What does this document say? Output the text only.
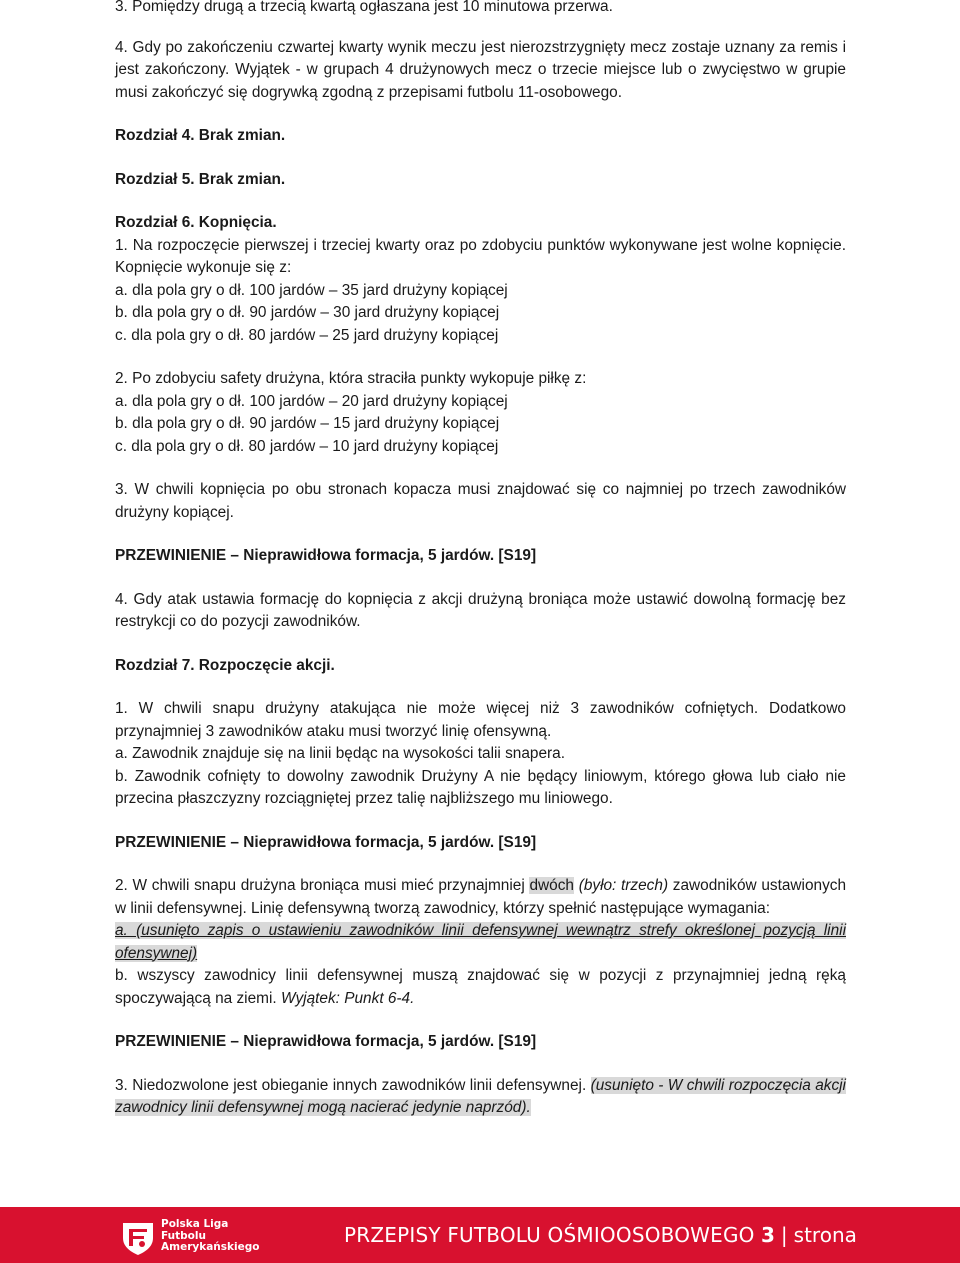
3. Pomiędzy drugą a trzecią kwartą ogłaszana jest 10 minutowa przerwa.

4. Gdy po zakończeniu czwartej kwarty wynik meczu jest nierozstrzygnięty mecz zostaje uznany za remis i jest zakończony. Wyjątek - w grupach 4 drużynowych mecz o trzecie miejsce lub o zwycięstwo w grupie musi zakończyć się dogrywką zgodną z przepisami futbolu 11-osobowego.

Rozdział 4. Brak zmian.

Rozdział 5. Brak zmian.

Rozdział 6. Kopnięcia.

1. Na rozpoczęcie pierwszej i trzeciej kwarty oraz po zdobyciu punktów wykonywane jest wolne kopnięcie. Kopnięcie wykonuje się z:

a. dla pola gry o dł. 100 jardów – 35 jard drużyny kopiącej

b. dla pola gry o dł. 90 jardów – 30 jard drużyny kopiącej

c. dla pola gry o dł. 80 jardów – 25 jard drużyny kopiącej

2. Po zdobyciu safety drużyna, która straciła punkty wykopuje piłkę z:

a. dla pola gry o dł. 100 jardów – 20 jard drużyny kopiącej

b. dla pola gry o dł. 90 jardów – 15 jard drużyny kopiącej

c. dla pola gry o dł. 80 jardów – 10 jard drużyny kopiącej

3. W chwili kopnięcia po obu stronach kopacza musi znajdować się co najmniej po trzech zawodników drużyny kopiącej.

PRZEWINIENIE – Nieprawidłowa formacja, 5 jardów. [S19]

4. Gdy atak ustawia formację do kopnięcia z akcji drużyną broniąca może ustawić dowolną formację bez restrykcji co do pozycji zawodników.

Rozdział 7. Rozpoczęcie akcji.

1. W chwili snapu drużyny atakująca nie może więcej niż 3 zawodników cofniętych. Dodatkowo przynajmniej 3 zawodników ataku musi tworzyć linię ofensywną.

a. Zawodnik znajduje się na linii będąc na wysokości talii snapera.

b. Zawodnik cofnięty to dowolny zawodnik Drużyny A nie będący liniowym, którego głowa lub ciało nie przecina płaszczyzny rozciągniętej przez talię najbliższego mu liniowego.

PRZEWINIENIE – Nieprawidłowa formacja, 5 jardów. [S19]

2. W chwili snapu drużyna broniąca musi mieć przynajmniej dwóch (było: trzech) zawodników ustawionych w linii defensywnej. Linię defensywną tworzą zawodnicy, którzy spełnić następujące wymagania:

a. (usunięto zapis o ustawieniu zawodników linii defensywnej wewnątrz strefy określonej pozycją linii ofensywnej)

b. wszyscy zawodnicy linii defensywnej muszą znajdować się w pozycji z przynajmniej jedną ręką spoczywającą na ziemi. Wyjątek: Punkt 6-4.

PRZEWINIENIE – Nieprawidłowa formacja, 5 jardów. [S19]

3. Niedozwolone jest obieganie innych zawodników linii defensywnej. (usunięto - W chwili rozpoczęcia akcji zawodnicy linii defensywnej mogą nacierać jedynie naprzód).

Polska Liga
Futbolu
Amerykańskiego	PRZEPISY FUTBOLU OŚMIOOSOBOWEGO 3 | strona
